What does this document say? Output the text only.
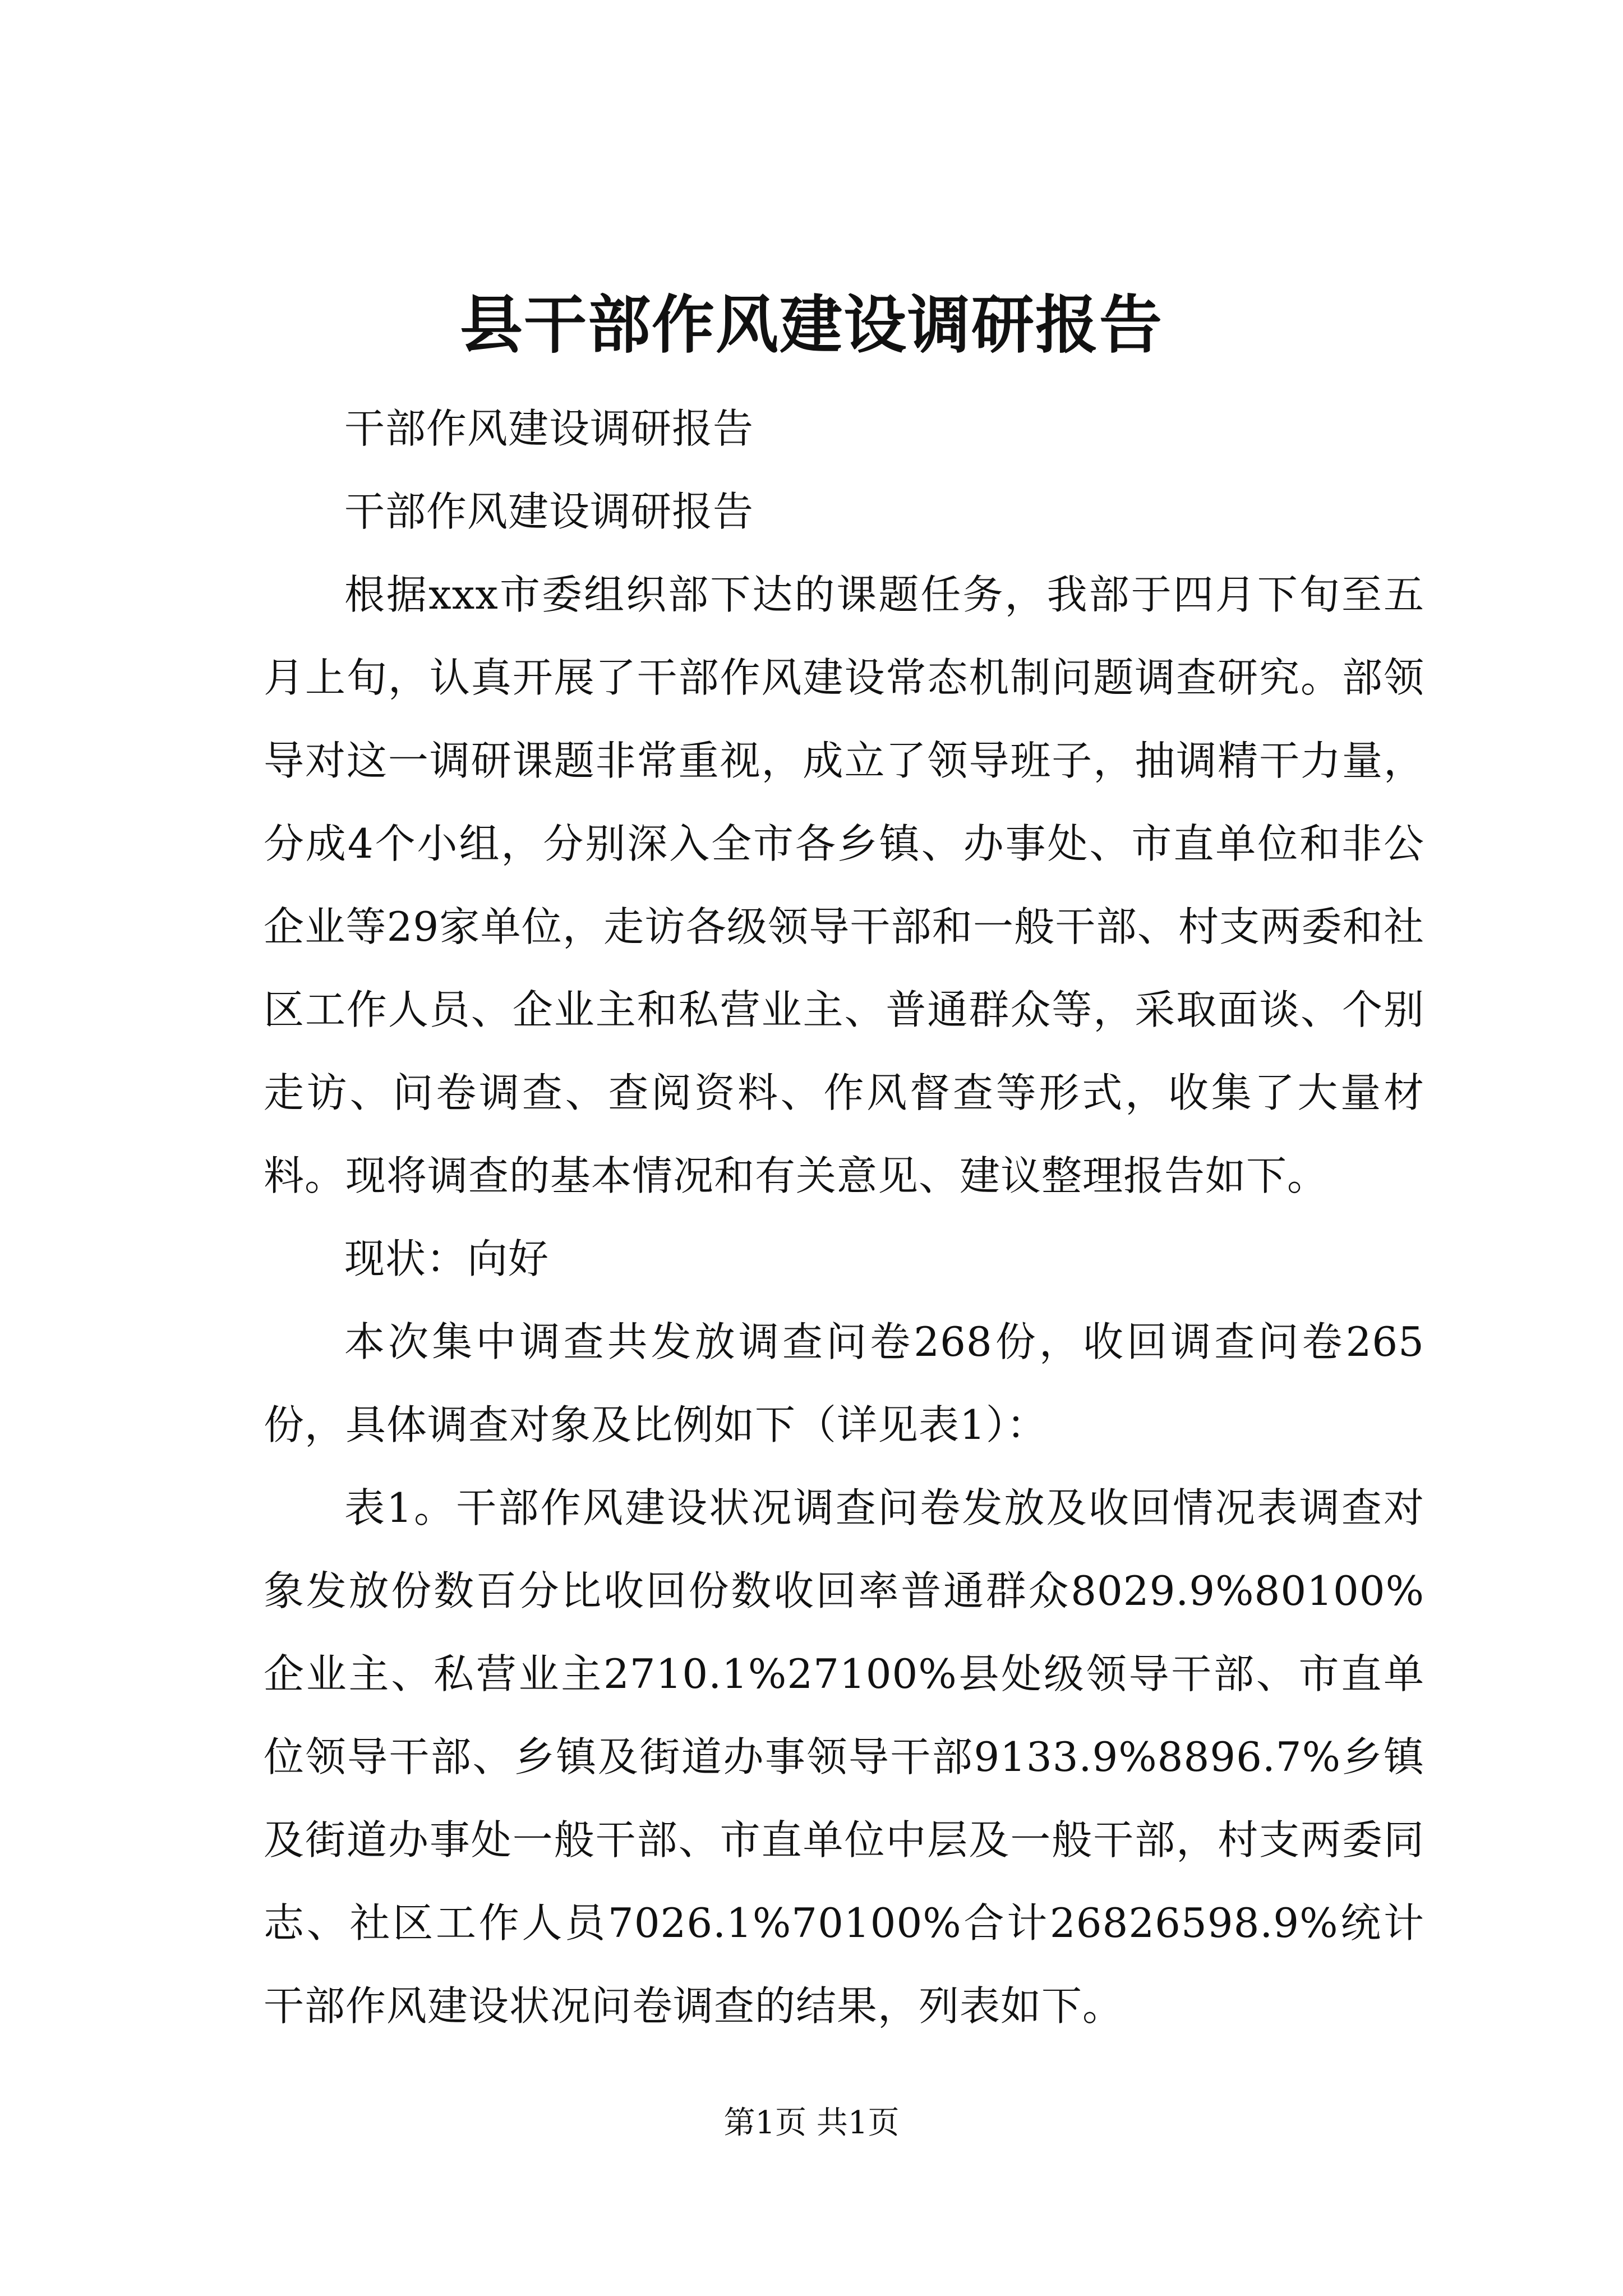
县干部作风建设调研报告

干部作风建设调研报告

干部作风建设调研报告

根据xxx市委组织部下达的课题任务，我部于四月下旬至五月上旬，认真开展了干部作风建设常态机制问题调查研究。部领导对这一调研课题非常重视，成立了领导班子，抽调精干力量，分成4个小组，分别深入全市各乡镇、办事处、市直单位和非公企业等29家单位，走访各级领导干部和一般干部、村支两委和社区工作人员、企业主和私营业主、普通群众等，采取面谈、个别走访、问卷调查、查阅资料、作风督查等形式，收集了大量材料。现将调查的基本情况和有关意见、建议整理报告如下。

现状：向好

本次集中调查共发放调查问卷268份，收回调查问卷265份，具体调查对象及比例如下（详见表1）：

表1。干部作风建设状况调查问卷发放及收回情况表调查对象发放份数百分比收回份数收回率普通群众8029.9%80100%企业主、私营业主2710.1%27100%县处级领导干部、市直单位领导干部、乡镇及街道办事领导干部9133.9%8896.7%乡镇及街道办事处一般干部、市直单位中层及一般干部，村支两委同志、社区工作人员7026.1%70100%合计26826598.9%统计干部作风建设状况问卷调查的结果，列表如下。

第1页 共1页
